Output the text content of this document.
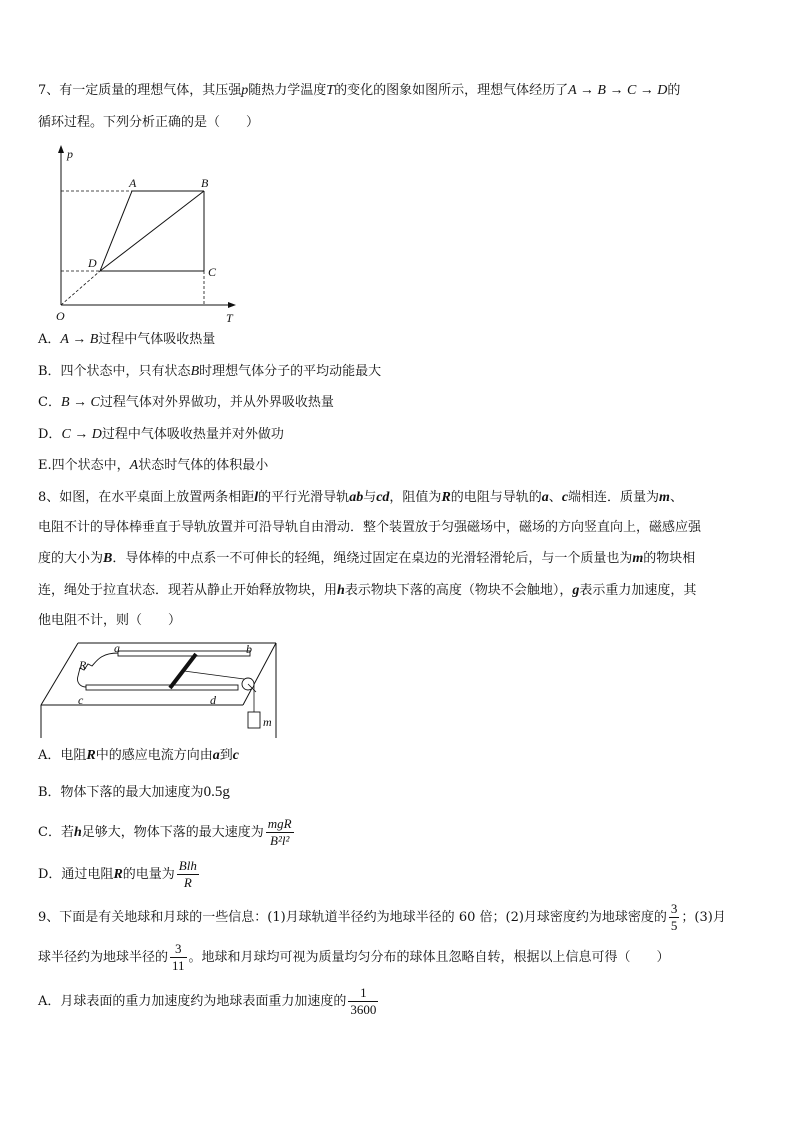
7、有一定质量的理想气体，其压强p随热力学温度T的变化的图象如图所示，理想气体经历了A → B → C → D的
循环过程。下列分析正确的是（　　）
p
T
O
A	B
C
D
A．A → B过程中气体吸收热量
B．四个状态中，只有状态B时理想气体分子的平均动能最大
C．B → C过程气体对外界做功，并从外界吸收热量
D．C → D过程中气体吸收热量并对外做功
E.四个状态中，A状态时气体的体积最小
8、如图，在水平桌面上放置两条相距l的平行光滑导轨ab与cd，阻值为R的电阻与导轨的a、c端相连．质量为m、
电阻不计的导体棒垂直于导轨放置并可沿导轨自由滑动．整个装置放于匀强磁场中，磁场的方向竖直向上，磁感应强
度的大小为B．导体棒的中点系一不可伸长的轻绳，绳绕过固定在桌边的光滑轻滑轮后，与一个质量也为m的物块相
连，绳处于拉直状态．现若从静止开始释放物块，用h表示物块下落的高度（物块不会触地），g表示重力加速度，其
他电阻不计，则（　　）
R
a	b
c	d
m
A．电阻R中的感应电流方向由a到c
B．物体下落的最大加速度为0.5g
C．若h足够大，物体下落的最大速度为 $\frac{\text{mgR}}{\text{B²l²}}$
D．通过电阻R的电量为 $\frac{\text{Blh}}{R}$
9、下面是有关地球和月球的一些信息：(1)月球轨道半径约为地球半径的 60 倍；(2)月球密度约为地球密度的 $\frac{3}{5}$ ；(3)月
球半径约为地球半径的 $\frac{3}{11}$ 。地球和月球均可视为质量均匀分布的球体且忽略自转，根据以上信息可得（　　）
A．月球表面的重力加速度约为地球表面重力加速度的 $\frac{1}{3600}$
